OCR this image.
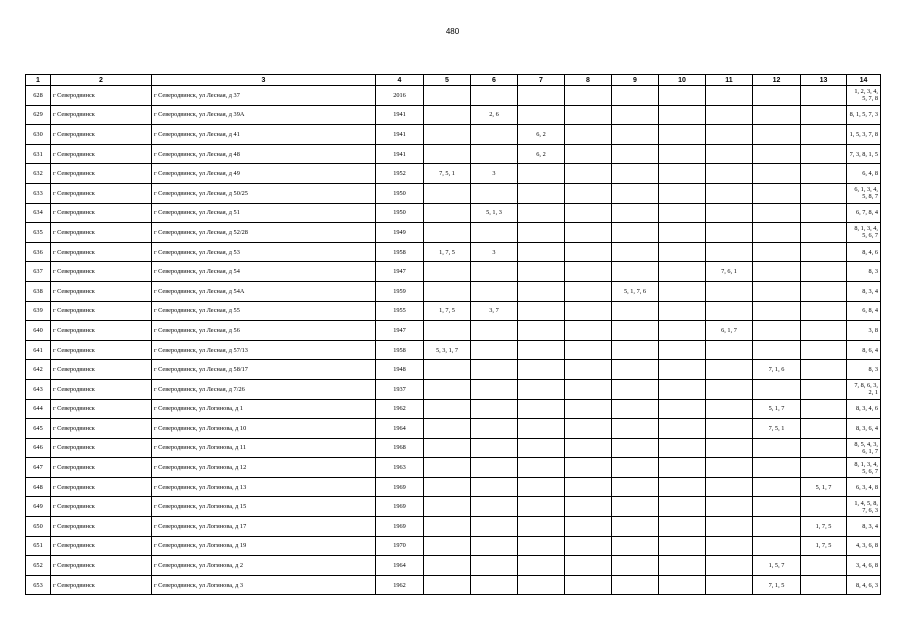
480
1	2	3	4	5	6	7	8	9	10	11	12	13	14
628	г Северодвинск	г Северодвинск, ул Лесная, д 37	2016										1, 2, 3, 4, 5, 7, 8
629	г Северодвинск	г Северодвинск, ул Лесная, д 39А	1941		2, 6								8, 1, 5, 7, 3
630	г Северодвинск	г Северодвинск, ул Лесная, д 41	1941			6, 2							1, 5, 3, 7, 8
631	г Северодвинск	г Северодвинск, ул Лесная, д 48	1941			6, 2							7, 3, 8, 1, 5
632	г Северодвинск	г Северодвинск, ул Лесная, д 49	1952	7, 5, 1	3								6, 4, 8
633	г Северодвинск	г Северодвинск, ул Лесная, д 50/25	1950										6, 1, 3, 4, 5, 8, 7
634	г Северодвинск	г Северодвинск, ул Лесная, д 51	1950		5, 1, 3								6, 7, 8, 4
635	г Северодвинск	г Северодвинск, ул Лесная, д 52/28	1949										8, 1, 3, 4, 5, 6, 7
636	г Северодвинск	г Северодвинск, ул Лесная, д 53	1958	1, 7, 5	3								8, 4, 6
637	г Северодвинск	г Северодвинск, ул Лесная, д 54	1947							7, 6, 1			8, 3
638	г Северодвинск	г Северодвинск, ул Лесная, д 54А	1959					5, 1, 7, 6					8, 3, 4
639	г Северодвинск	г Северодвинск, ул Лесная, д 55	1955	1, 7, 5	3, 7								6, 8, 4
640	г Северодвинск	г Северодвинск, ул Лесная, д 56	1947							6, 1, 7			3, 8
641	г Северодвинск	г Северодвинск, ул Лесная, д 57/13	1958	5, 3, 1, 7									8, 6, 4
642	г Северодвинск	г Северодвинск, ул Лесная, д 58/17	1948								7, 1, 6		8, 3
643	г Северодвинск	г Северодвинск, ул Лесная, д 7/26	1937										7, 8, 6, 3, 2, 1
644	г Северодвинск	г Северодвинск, ул Логинова, д 1	1962								5, 1, 7		8, 3, 4, 6
645	г Северодвинск	г Северодвинск, ул Логинова, д 10	1964								7, 5, 1		8, 3, 6, 4
646	г Северодвинск	г Северодвинск, ул Логинова, д 11	1968										8, 5, 4, 3, 6, 1, 7
647	г Северодвинск	г Северодвинск, ул Логинова, д 12	1963										8, 1, 3, 4, 5, 6, 7
648	г Северодвинск	г Северодвинск, ул Логинова, д 13	1969									5, 1, 7	6, 3, 4, 8
649	г Северодвинск	г Северодвинск, ул Логинова, д 15	1969										1, 4, 5, 8, 7, 6, 3
650	г Северодвинск	г Северодвинск, ул Логинова, д 17	1969									1, 7, 5	8, 3, 4
651	г Северодвинск	г Северодвинск, ул Логинова, д 19	1970									1, 7, 5	4, 3, 6, 8
652	г Северодвинск	г Северодвинск, ул Логинова, д 2	1964								1, 5, 7		3, 4, 6, 8
653	г Северодвинск	г Северодвинск, ул Логинова, д 3	1962								7, 1, 5		8, 4, 6, 3
